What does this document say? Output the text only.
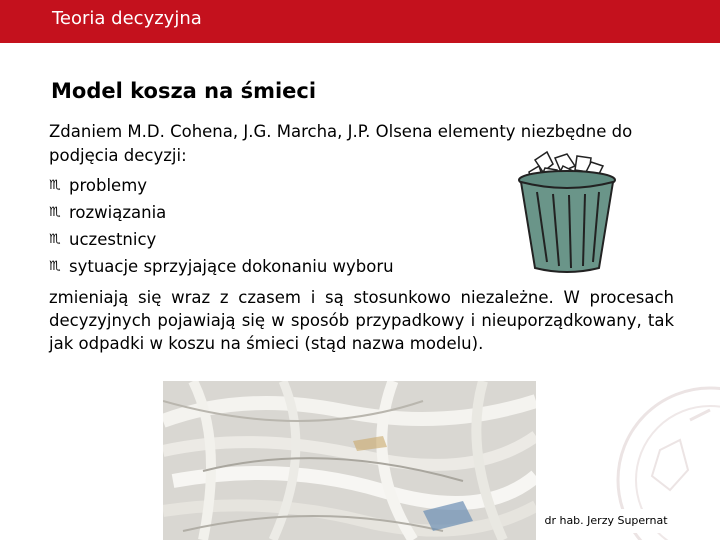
Teoria decyzyjna
Model kosza na śmieci
Zdaniem M.D. Cohena, J.G. Marcha, J.P. Olsena elementy niezbędne do podjęcia decyzji:
♏ problemy
♏ rozwiązania
♏ uczestnicy
♏ sytuacje sprzyjające dokonaniu wyboru
zmieniają się wraz z czasem i są stosunkowo niezależne. W procesach decyzyjnych pojawiają się w sposób przypadkowy i nieuporządkowany, tak jak odpadki w koszu na śmieci (stąd nazwa modelu).
dr hab. Jerzy Supernat
